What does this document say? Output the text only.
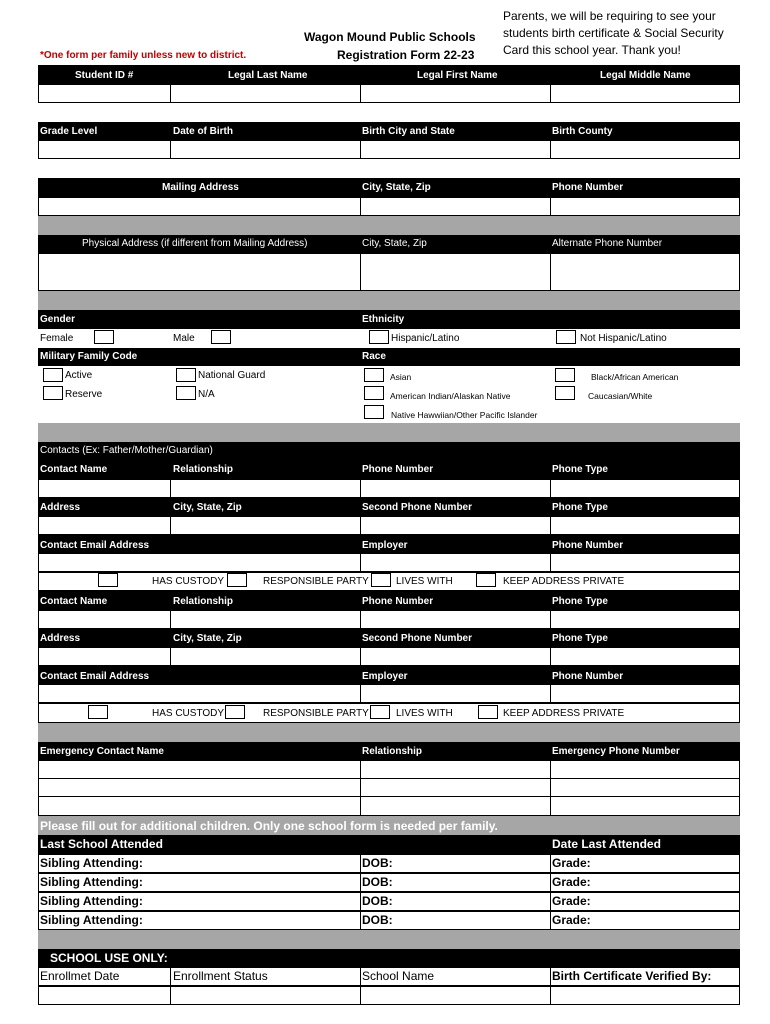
Wagon Mound Public Schools
Registration Form 22-23
*One form per family unless new to district.
Parents, we will be requiring to see your
students birth certificate & Social Security
Card this school year. Thank you!
Student ID #	Legal Last Name	Legal First Name	Legal Middle Name
Grade Level	Date of Birth	Birth City and State	Birth County
Mailing Address	City, State, Zip	Phone Number
Physical Address (if different from Mailing Address)	City, State, Zip	Alternate Phone Number
Gender	Ethnicity
Female	Male	Hispanic/Latino	Not Hispanic/Latino
Military Family Code	Race
Active	National Guard	Asian	Black/African American
Reserve	N/A	American Indian/Alaskan Native	Caucasian/White
Native Hawwiian/Other Pacific Islander
Contacts (Ex: Father/Mother/Guardian)
Contact Name	Relationship	Phone Number	Phone Type
Address	City, State, Zip	Second Phone Number	Phone Type
Contact Email Address	Employer	Phone Number
HAS CUSTODY	RESPONSIBLE PARTY	LIVES WITH	KEEP ADDRESS PRIVATE
Contact Name	Relationship	Phone Number	Phone Type
Address	City, State, Zip	Second Phone Number	Phone Type
Contact Email Address	Employer	Phone Number
HAS CUSTODY	RESPONSIBLE PARTY	LIVES WITH	KEEP ADDRESS PRIVATE
Emergency Contact Name	Relationship	Emergency Phone Number
Please fill out for additional children. Only one school form is needed per family.
Last School Attended	Date Last Attended
Sibling Attending:	DOB:	Grade:
Sibling Attending:	DOB:	Grade:
Sibling Attending:	DOB:	Grade:
Sibling Attending:	DOB:	Grade:
SCHOOL USE ONLY:
Enrollmet Date	Enrollment Status	School Name	Birth Certificate Verified By:
